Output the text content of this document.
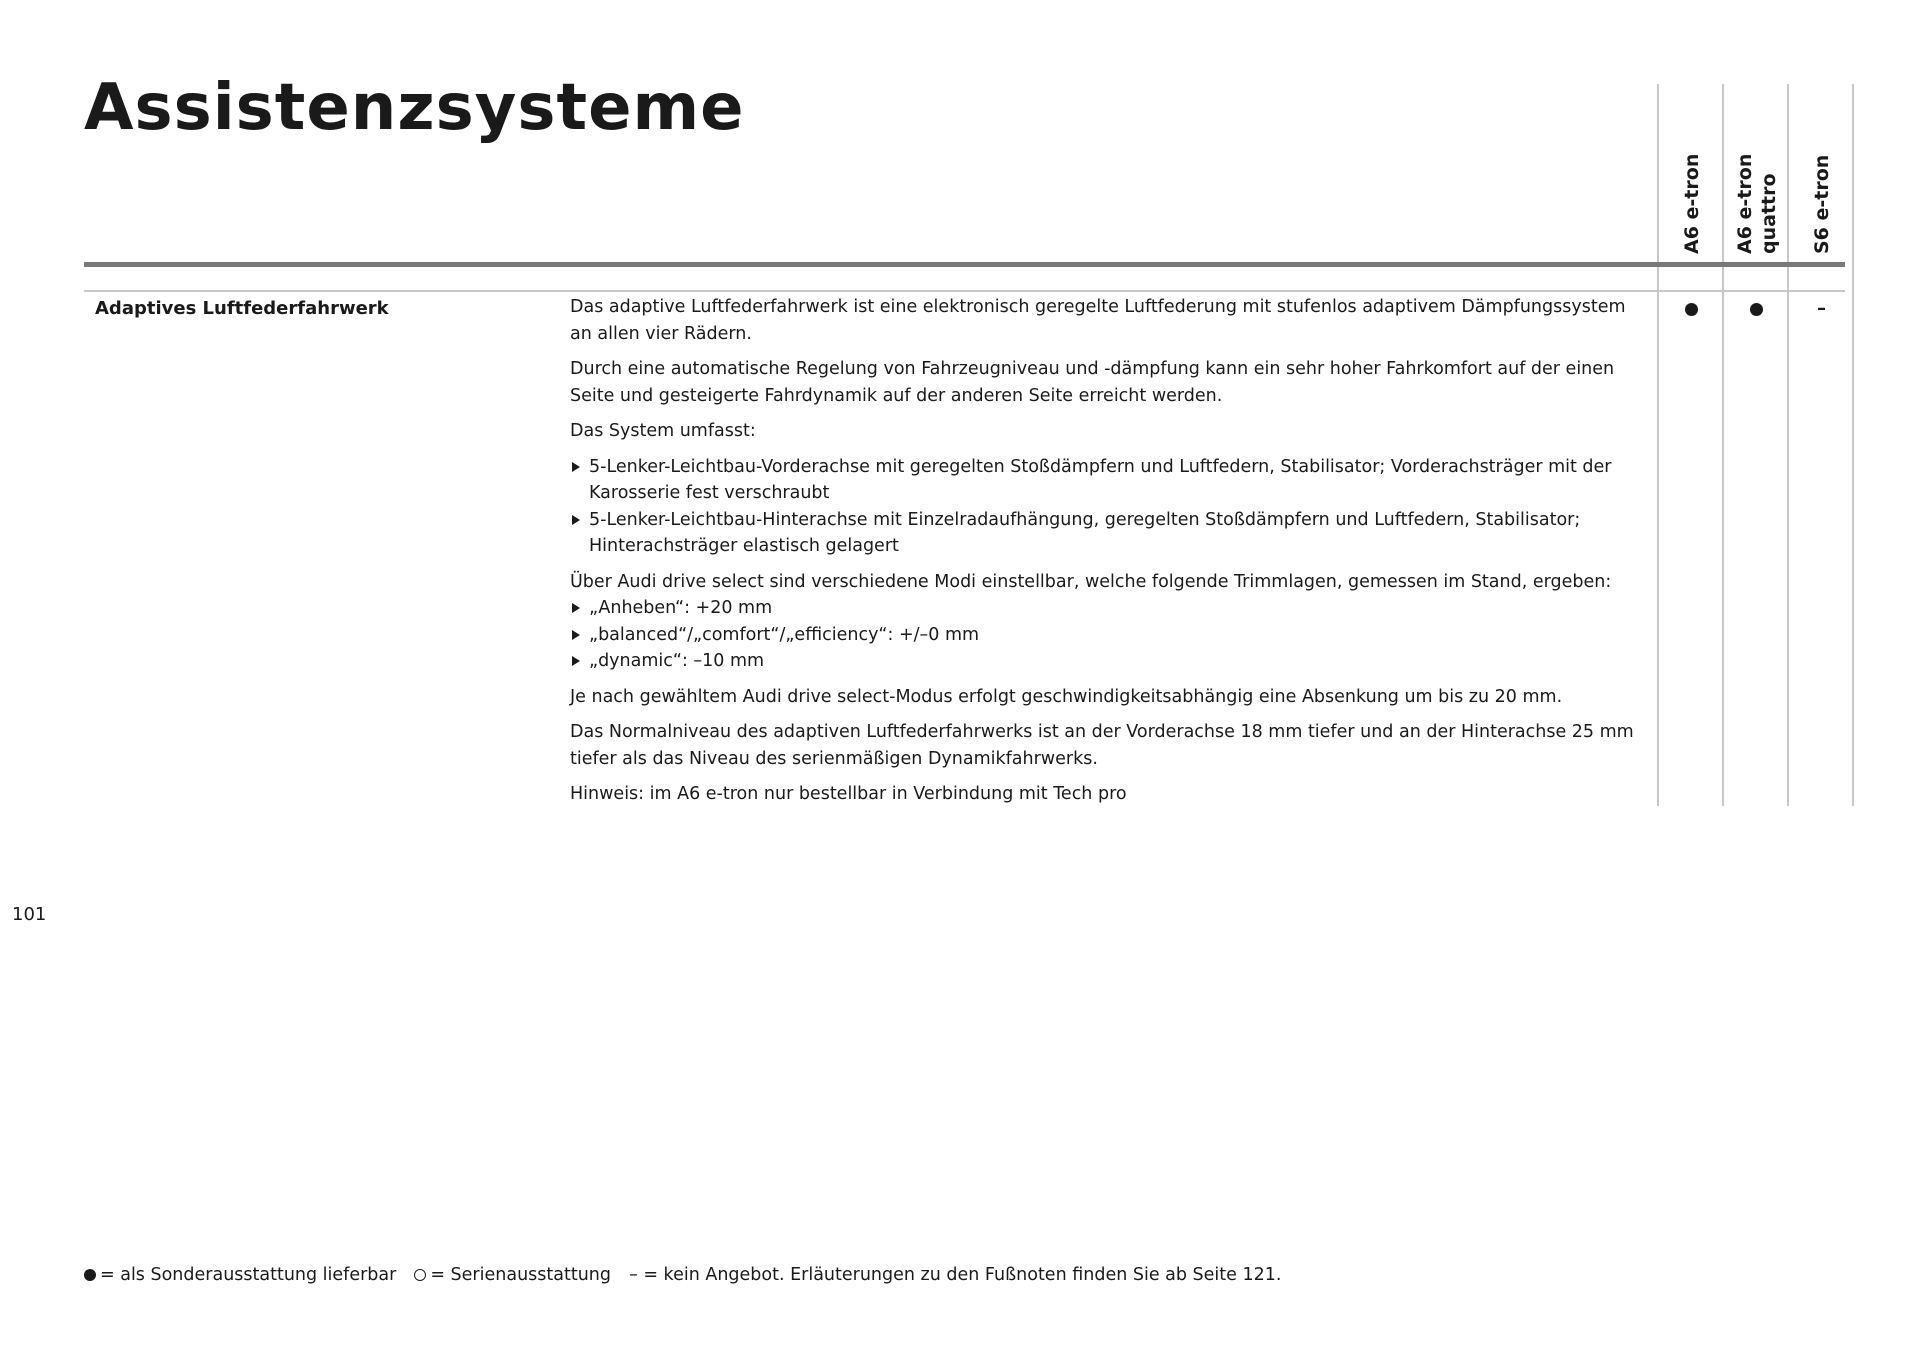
Assistenzsysteme
A6 e-tron A6 e-tron
quattro S6 e-tron
Adaptives Luftfederfahrwerk	Das adaptive Luftfederfahrwerk ist eine elektronisch geregelte Luftfederung mit stufenlos adaptivem Dämpfungssystem an allen vier Rädern.

Durch eine automatische Regelung von Fahrzeugniveau und -dämpfung kann ein sehr hoher Fahrkomfort auf der einen Seite und gesteigerte Fahrdynamik auf der anderen Seite erreicht werden.

Das System umfasst:

5-Lenker-Leichtbau-Vorderachse mit geregelten Stoßdämpfern und Luftfedern, Stabilisator; Vorderachsträger mit der Karosserie fest verschraubt
5-Lenker-Leichtbau-Hinterachse mit Einzelradaufhängung, geregelten Stoßdämpfern und Luftfedern, Stabilisator; Hinterachsträger elastisch gelagert

Über Audi drive select sind verschiedene Modi einstellbar, welche folgende Trimmlagen, gemessen im Stand, ergeben:
„Anheben“: +20 mm
„balanced“/„comfort“/„efficiency“: +/–0 mm
„dynamic“: –10 mm

Je nach gewähltem Audi drive select-Modus erfolgt geschwindigkeitsabhängig eine Absenkung um bis zu 20 mm.

Das Normalniveau des adaptiven Luftfederfahrwerks ist an der Vorderachse 18 mm tiefer und an der Hinterachse 25 mm tiefer als das Niveau des serienmäßigen Dynamikfahrwerks.

Hinweis: im A6 e-tron nur bestellbar in Verbindung mit Tech pro

–
101
= als Sonderausstattung lieferbar = Serienausstattung – = kein Angebot. Erläuterungen zu den Fußnoten finden Sie ab Seite 121.
